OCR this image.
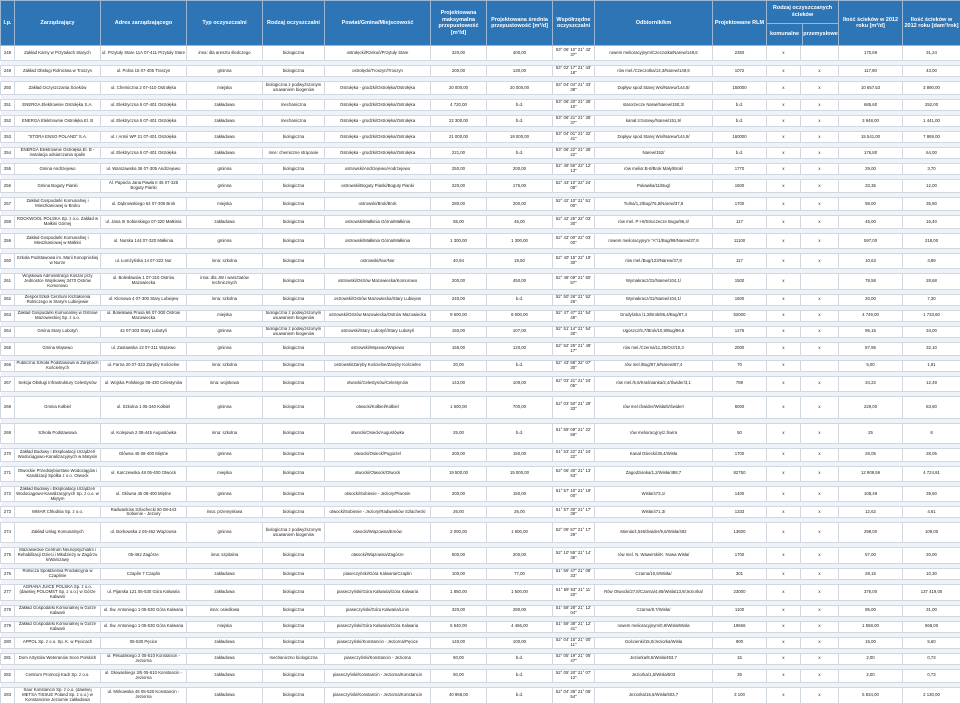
l.p.	Zarządzający	Adres zarządzającego	Typ oczyszczalni	Rodzaj oczyszczalni	Powiat/Gmina/Miejscowość	Projektowana maksymalna przepustowość [m³/d]	Projektowana średnia przepustowość [m³/d]	Współrzędne oczyszczalni	Odbiornik/km	Projektowane RLM	Rodzaj oczyszczanych ścieków
komunalne przemysłowe		Ilość ścieków w 2012 roku [m³/d]	Ilość ścieków w 2012 roku [dam³/rok]
248	Zakład Karny w Przytułach Starych	ul. Przytuły Stare 11A 07-411 Przytuły Stare	inna: dla aresztu śledczego	biologiczna	ostrołęcki/Rzekuń/Przytuły Stare	320,00	400,00	53° 06' 10" 21° 42' 37"	rowem melioracyjnym/Czeczotka/Narew/148,6	2350	x		170,69	31,24

249	Zakład Obsługi Rolnictwa w Troszyn	ul. Polna 15 07-405 Troszyn	gminna	biologiczna	ostrołęcki/Troszyn/Troszyn	200,00	130,00	53° 02' 17" 21° 43' 18"	rów mel./Czeczotka/14,3/Narew/148,6	1072	x	x	117,80	43,00

250	Zakład Oczyszczania Ścieków	ul. Chemiczna 2 07-410 Ostrołęka	miejska	biologiczna z podwyższonym usuwaniem biogenów	Ostrołęka - grodzki/Ostrołęka/Ostrołęka	20 000,00	20 000,00	53° 04' 04" 21° 33' 38"	Dopływ spod Starej Wsi/Narew/144,8/	150000	x	x	10 657,53	3 890,00

251	ENERGA Elektrownie Ostrołęka S.A.	ul. Elektryczna 5 07-401 Ostrołęka	zakładowa	mechaniczna	Ostrołęka - grodzki/Ostrołęka/Ostrołęka	4 720,00	b.d.	53° 06' 20" 21° 36' 10"	starorzecze Narwi/Narew/150,3/	b.d.	x	x	685,60	252,00

252	ENERGA Elektrownie Ostrołęka El. B	ul. Elektryczna 5 07-401 Ostrołęka	zakładowa	mechaniczna	Ostrołęka - grodzki/Ostrołęka/Ostrołęka	22 300,00	b.d.	53° 06' 21" 21° 36' 37"	kanał zrzutowy/Narew/151,9/	b.d.	x	x	3 948,00	1 441,00

253	"STORA ENSO POLAND" S.A.	ul. I Armii WP 21 07-401 Ostrołęka	zakładowa	biologiczna	Ostrołęka - grodzki/Ostrołęka/Ostrołęka	21 000,00	18 000,00	53° 04' 01" 21° 32' 41"	Dopływ spod Starej Wsi/Narew/144,8/	160000	x	x	15 541,00	7 869,00

254	ENERGA Elektrownie Ostrołęka El. B - instalacja odsiarczania spalin	ul. Elektryczna 5 07-401 Ostrołęka	zakładowa	inne: chemiczne strącanie	Ostrołęka - grodzki/Ostrołęka/Ostrołęka	221,00	b.d.	53° 06' 22" 21° 36' 22"	Narew/152/	b.d.	x	x	176,80	64,00

255	Gmina Andrzejewo	ul. Warszawska 36 07-305 Andrzejewo	gminna	biologiczna	ostrowski/Andrzejewo/Andrzejewo	250,00	200,00	52° 49' 56" 22° 12' 13"	rów melior.B-8/Brok Mały/Brok/	1770	x	x	29,00	3,70

256	Gmina Boguty Pianki	Al. Papieża Jana Pawła II 45 07-325 Boguty Pianki	gminna	biologiczna	ostrowski/Boguty Pianki/Boguty Pianki	220,00	175,00	52° 43' 10" 22° 24' 08"	Pukawka/11/Bug/	1500	x	x	33,35	12,00

257	Zakład Gospodarki Komunalnej i Mieszkaniowej w Broku	ul. Dąbrowskiego 64 07-306 Brok	miejska	biologiczna	ostrowski/Brok/Brok	280,00	200,00	52° 42' 10" 21° 51' 00"	Turka/1,2/Bug/76,8/Narew/37,8	1700	x	x	98,00	35,80

258	ROCKWOOL POLSKA Sp. z o.o. Zakład w Małkini Górnej	ul. Jana III Sobieskiego 07-320 Małkinia	zakładowa	biologiczna	ostrowski/Małkinia Górna/Małkinia	55,00	45,00	52° 42' 25" 22° 03' 30"	rów mel. P I-8/Struczecze Bugu/96,4/	117	x	x	45,00	16,40

259	Zakład Gospodarki Komunalnej i Mieszkaniowej w Małkini	ul. Nurska 144 07-320 Małkinia	gminna	biologiczna	ostrowski/Małkinia Górna/Małkinia	1 300,00	1 300,00	52° 42' 00" 22° 03' 00"	rowem melioracyjnym "A"/1/Bug/99/Narew/37,8	11100	x	x	597,00	218,00

260	Szkoła Podstawowa im. Marii Konopnickiej w Nurze	ul. Łomżyńska 14 07-322 Nur	inna: szkolna	biologiczna	ostrowski/Nur/Nur	40,94	19,50	52° 40' 15" 22° 19' 30"	rów mel./Bug/123/Narew/37,8	117	x	x	10,63	3,89

261	Wojskowa Administracja Koszar przy Jednostce Wojskowej 3470 Ostrów Komorowo	ul. Bolesławów 1 07-310 Ostrów Mazowiecka	inna: dla JW i warsztatów technicznych	biologiczna	ostrowski/Ostrów Mazowiecka/Komorowo	200,00	450,00	52° 48' 09" 21° 50' 57"	Wymakracz/31/Narew/104,1/	1500	x		78,58	28,68

262	Zespół Szkół Centrum Kształcenia Rolniczego w Starym Lubiejewie	ul. Klonowa 4 07-300 Stary Lubiejew	inna: szkolna	biologiczna	ostrowski/Ostrów Mazowiecka/Stary Lubiejew	240,00	b.d.	52° 50' 26" 21° 52' 25"	Wymakracz/31/Narew/104,1/	1500	x	x	20,00	7,30

263	Zakład Gospodarki Komunalnej w Ostrowi Mazowieckiej Sp. z o.o.	ul. Bolesława Prusa 66 07-300 Ostrów Mazowiecka	miejska	biologiczna z podwyższonym usuwaniem biogenów	ostrowski/Ostrów Mazowiecka/Ostrów Mazowiecka	9 600,00	8 000,00	52° 47' 47" 21° 54' 49"	Grodyśnka /1,3/Brok/86,4/Bug/87,4	52000	x	x	4 749,00	1 733,60

264	Gmina Stary Lubotyń	42 07-303 Stary Lubotyń	gminna	biologiczna z podwyższonym usuwaniem biogenów	ostrowski/Stary Lubotyń/Stary Lubotyń	150,00	107,00	52° 51' 14" 21° 54' 30"	Ugoszcz/5,7/Brok/10,9/Bug/96,8	1276	x	x	95,15	34,00

265	Gmina Wąsewo	ul. Zastawska 13 07-311 Wąsewo	gminna	biologiczna	ostrowski/Wąsewo/Wąsewo	156,00	120,00	52° 52' 25" 21° 48' 17"	rów mel./Czerna/11,25/Orz/10,3	2000	x	x	87,95	32,10

266	Publiczna Szkoła Podstawowa w Zarębach Kościelnych	ul. Farna 20 07-323 Zaręby Kościelne	inna: szkolna	biologiczna	ostrowski/Zaręby Kościelne/Zaręby Kościelne	20,00	b.d.	52° 43' 58" 22° 07' 30"	rów mel./Bug/87,6/Narew/87,4	70	x		5,00	1,81

267	Sekcja Obsługi Infrastruktury Celestynów	ul. Wojska Polskiego 05-430 Celestynów	inna: wojskowa	biologiczna	otwocki/Celestynów/Celestynów	143,00	109,00	52° 03' 21" 21° 24' 05"	rów mel./5,6/Kraśnianka/2,4/Świder/3,1	789	x	x	34,22	12,49

268	Gmina Kołbiel	ul. Szkolna 1 05-340 Kołbiel	gminna	biologiczna	otwocki/Kołbiel/Kołbiel	1 500,00	700,00	52° 03' 50" 21° 29' 33"	rów mel./Świder/Wisła/5/Świder/	6000	x	x	229,00	83,60

269	Szkoła Podstawowa	ul. Kolejowa 2 08-445 Augustówka	inna: szkolna	biologiczna	otwocki/Osieck/Augustówka	25,00	b.d.	51° 59' 09" 21° 22' 59"	rów melioracyjny/z.Świra	50	x	x	25	8

270	Zakład Budowy i Eksploatacji Urządzeń Wodociągowo-Kanalizacyjnych w Matysin	Główna 45 08-400 Miętne	gminna	biologiczna	otwocki/Osieck/Pogorzel	200,00	150,00	51° 53' 22" 21° 24' 22"	Kanał Osiecki/36,4/Wisła	1700	x	x	28,05	28,05

271	Otwockie Przedsiębiorstwo Wodociągów i Kanalizacji Spółka z o.o. Otwock	ul. Karczewska 48 05-400 Otwock	miejska	biologiczna	otwocki/Otwock/Otwock	19 500,00	15 000,00	52° 06' 40" 21° 13' 53"	Zagodzianka/1,2/Wisła/488,7	82750	x	x	12 909,59	4 724,91

272	Zakład Budowy i Eksploatacji Urządzeń Wodociągowo-Kanalizacyjnych Sp. z o.o. w Miętym	ul. Główna 45 08-400 Miętne	gminna	biologiczna	otwocki/Sobienie - Jeziory/Piwonin	200,00	150,00	51° 57' 10" 21° 19' 00"	Wisła/473,1/	1400	x	x	108,49	39,60

273	WMAR Chłodnia Sp. z o.o.	Radwanków Szlachecki 50 08-443 Sobienie - Jeziory	inna: przemysłowa	biologiczna	otwocki/Sobienie - Jeziory/Radwanków Szlachecki	26,00	26,00	51° 57' 30" 21° 17' 39"	Wisła/471,3/	1333	x	x	12,62	4,61

274	Zakład Usług Komunalnych	ul. Borkowska 2 05-462 Wiązowna	gminna	biologiczna z podwyższonym usuwaniem biogenów	otwocki/Wiązowna/Emów	2 000,00	1 600,00	52° 09' 57" 21° 17' 29"	Mienia/4,546/Świder/9,6/Wisła/492	13600	x	x	298,00	109,00

275	Mazowieckie Centrum Neuropsychiatrii i Rehabilitacji Dzieci i Młodzieży w Zagórzu k/Warszawy	05-462 Zagórze	inna: szpitalna	biologiczna	otwocki/Wiązowna/Zagórze	500,00	200,00	52° 10' 55" 21° 14' 35"	rów mel. N. Wawerski/K. Nowa Wisła/	1700	x	x	57,00	20,00

276	Rolnicza Spółdzielnia Produkcyjna w Czaplinie	Czaplin 7 Czaplin	zakładowa	biologiczna	piaseczyński/Góra Kalwaria/Czaplin	100,00	77,00	51° 56' 47" 21° 08' 33"	Czarna/10,6/Wisła/	301	x	x	28,15	10,30

277	AGRANA JUICE POLSKA Sp. z o.o. (dawniej POLOMST Sp. z o.o.) w Górze Kalwarii	ul. Pijarska 121 05-530 Góra Kalwaria	zakładowa	biologiczna	piaseczyński/Góra Kalwaria/Góra Kalwaria	1 850,00	1 500,00	51° 59' 53" 21° 11' 20"	Rów Otwocki/27,8/Czarna/4,85/Wisła/13,9/Jeziorka/	23000	x	x	376,00	137 419,00

278	Zakład Gospodarki Komunalnej w Górze Kalwarii	ul. Św. Antoniego 1 05-530 Góra Kalwaria	inna: osiedlowa	biologiczna	piaseczyński/Góra Kalwaria/Linin	320,00	280,00	51° 58' 28" 21° 12' 04"	Czarna/9,7/Wisła/	1100	x	x	85,00	31,00

279	Zakład Gospodarki Komunalnej w Górze Kalwarii	ul. Św. Antoniego 1 05-530 Góra Kalwaria	miejska	biologiczna	piaseczyński/Góra Kalwaria/Góra Kalwaria	5 640,00	4 466,00	51° 59' 38" 21° 12' 41"	rowem melioracyjnym/0,9/Wisła/Wisła	19666	x	x	1 558,00	568,00

280	APPOL Sp. z o.o. Sp. K. w Pęcicach	05-530 Pęcice	zakładowa	biologiczna	piaseczyński/Konstancin - Jeziorna/Pęcice	140,00	100,00	52° 04' 15" 21° 00' 11"	Gościenki/15,0/Jeziorka/Wisła	900	x	x	15,00	5,60

281	Dom Artystów Weteranów Scen Polskich	ul. Piłsudskiego 2 05-510 Konstancin - Jeziorna	zakładowa	mechaniczno biologiczna	piaseczyński/Konstancin - Jeziorna	50,00	b.d.	52° 05' 19" 21° 06' 47"	Jeziorka/8,5/Wisła/493,7	15	x	x	2,00	0,73

282	Centrum Promocji Kadr Sp. z o.o.	ul. Głowackiego 3/5 05-510 Konstancin - Jeziorna	zakładowa	biologiczna	piaseczyński/Konstancin - Jeziorna/Konstancin	50,00	b.d.	52° 05' 20" 21° 07' 12"	Jeziorka/1,5/Wisła/503	35	x	x	2,00	0,73

283	Saur Konstancin Sp. z o.o. (dawniej METSA TISSUE Poland Sp. z o.o.) w Konstancinie Jeziornie zakładowa	ul. Mirkowska 45 05-520 Konstancin - Jeziorna	zakładowa	biologiczna	piaseczyński/Konstancin - Jeziorna/Konstancin	40 968,00	b.d.	52° 04' 35" 21° 06' 54"	Jeziorka/16,6/Wisła/503,7	3 100	x	x	5 834,00	2 130,00
